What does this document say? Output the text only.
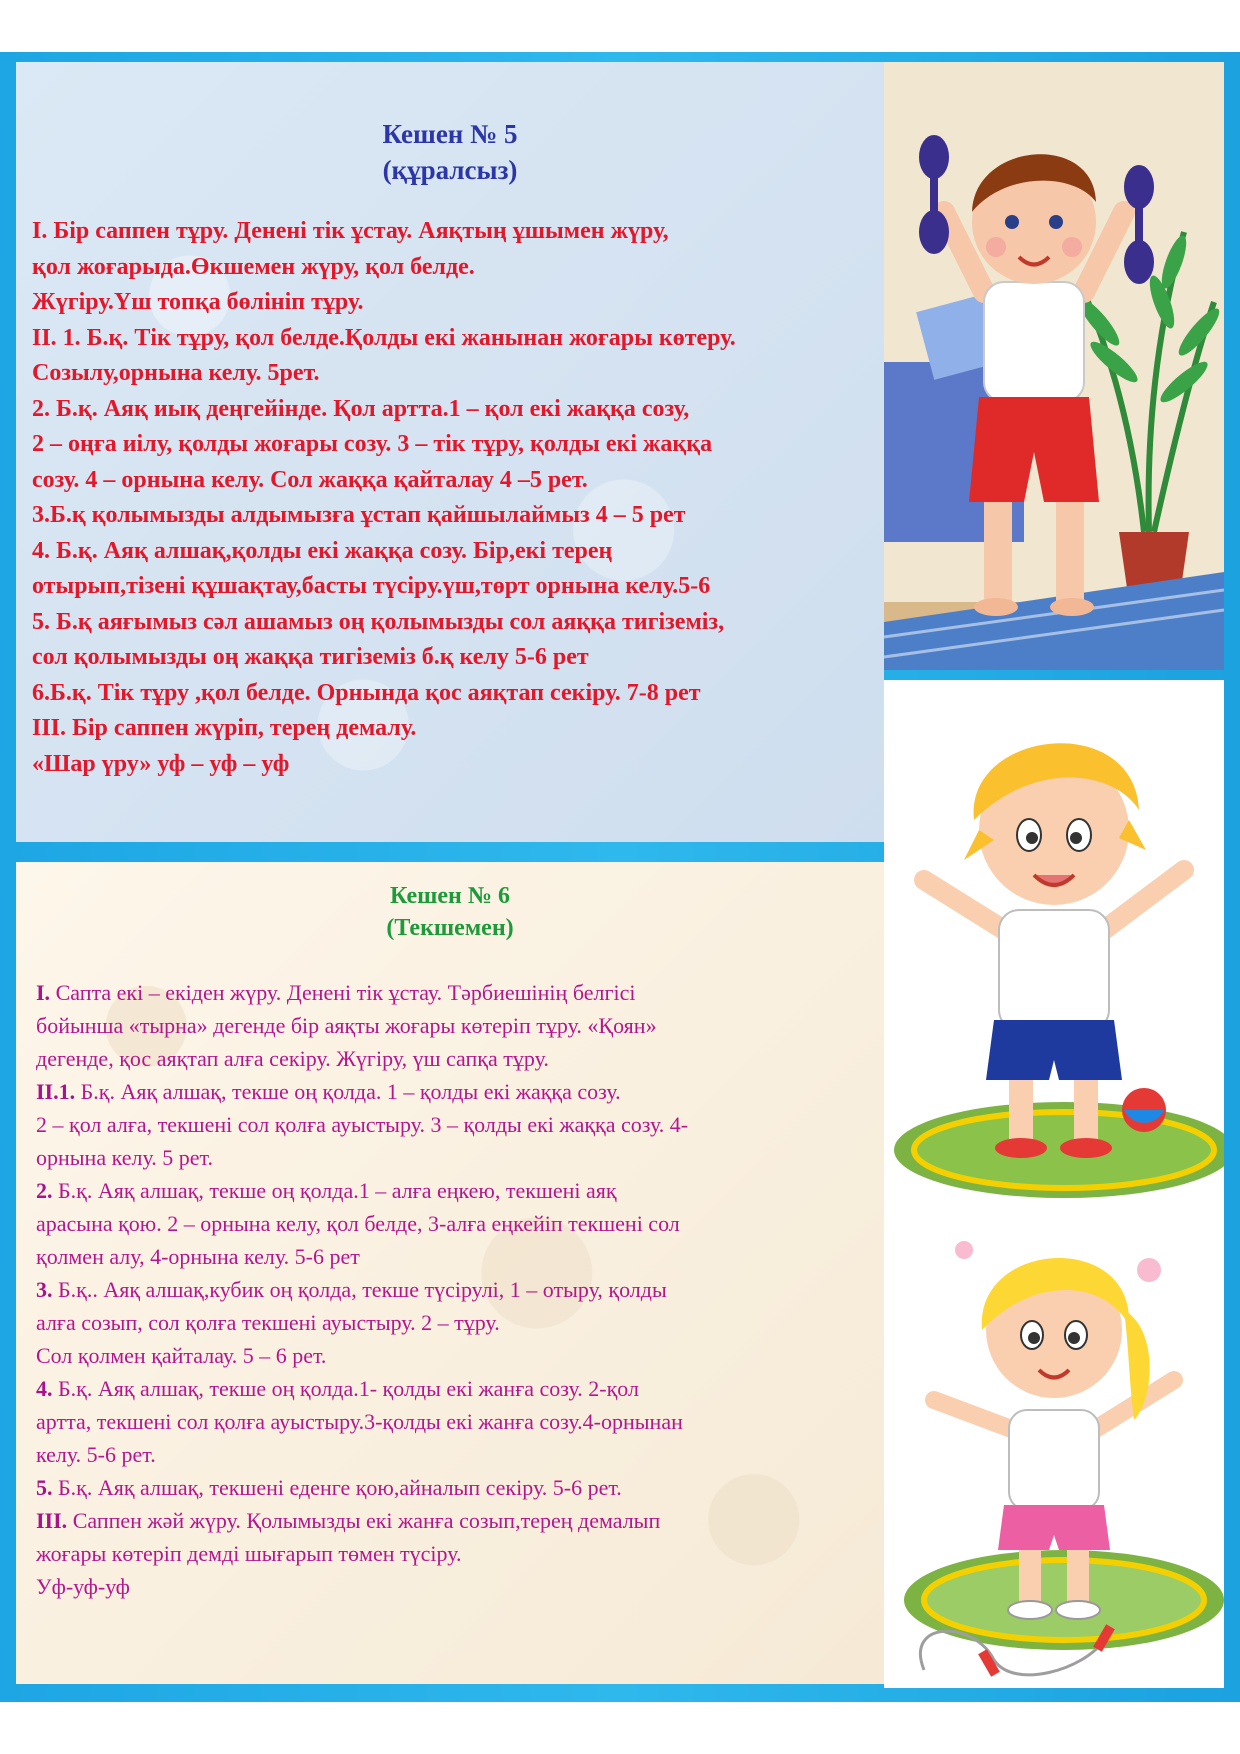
Кешен № 5
(құралсыз)
I. Бір саппен тұру. Денені тік ұстау. Аяқтың ұшымен жүру,
қол жоғарыда.Өкшемен жүру, қол белде.
Жүгіру.Үш топқа бөлініп тұру.
II. 1. Б.қ. Тік тұру, қол белде.Қолды екі жанынан жоғары көтеру.
Созылу,орнына келу. 5рет.
2. Б.қ. Аяқ иық деңгейінде. Қол артта.1 – қол екі жаққа созу,
2 – оңға иілу, қолды жоғары созу. 3 – тік тұру, қолды екі жаққа
созу. 4 – орнына келу. Сол жаққа қайталау 4 –5 рет.
3.Б.қ қолымызды алдымызға ұстап қайшылаймыз 4 – 5 рет
4. Б.қ. Аяқ алшақ,қолды екі жаққа созу. Бір,екі терең
отырып,тізені құшақтау,басты түсіру.үш,төрт орнына келу.5-6
5. Б.қ аяғымыз сәл ашамыз оң қолымызды сол аяққа тигіземіз,
сол қолымызды оң жаққа тигіземіз б.қ келу 5-6 рет
6.Б.қ. Тік тұру ,қол белде. Орнында қос аяқтап секіру. 7-8 рет
III. Бір саппен жүріп, терең демалу.
«Шар үру» уф – уф – уф
Кешен № 6
(Текшемен)
I. Сапта екі – екіден жүру. Денені тік ұстау. Тәрбиешінің белгісі
бойынша «тырна» дегенде бір аяқты жоғары көтеріп тұру. «Қоян»
дегенде, қос аяқтап алға секіру. Жүгіру, үш сапқа тұру.
II.1. Б.қ. Аяқ алшақ, текше оң қолда. 1 – қолды екі жаққа созу.
2 – қол алға, текшені сол қолға ауыстыру. 3 – қолды екі жаққа созу. 4-
орнына келу. 5 рет.
2. Б.қ. Аяқ алшақ, текше оң қолда.1 – алға еңкею, текшені аяқ
арасына қою. 2 – орнына келу, қол белде, 3-алға еңкейіп текшені сол
қолмен алу, 4-орнына келу. 5-6 рет
3. Б.қ.. Аяқ алшақ,кубик оң қолда, текше түсірулі, 1 – отыру, қолды
алға созып, сол қолға текшені ауыстыру. 2 – тұру.
Сол қолмен қайталау. 5 – 6 рет.
4. Б.қ. Аяқ алшақ, текше оң қолда.1- қолды екі жанға созу. 2-қол
артта, текшені сол қолға ауыстыру.3-қолды екі жанға созу.4-орнынан
келу. 5-6 рет.
5. Б.қ. Аяқ алшақ, текшені еденге қою,айналып секіру. 5-6 рет.
III. Саппен жәй жүру. Қолымызды екі жанға созып,терең демалып
жоғары көтеріп демді шығарып төмен түсіру.
Уф-уф-уф
